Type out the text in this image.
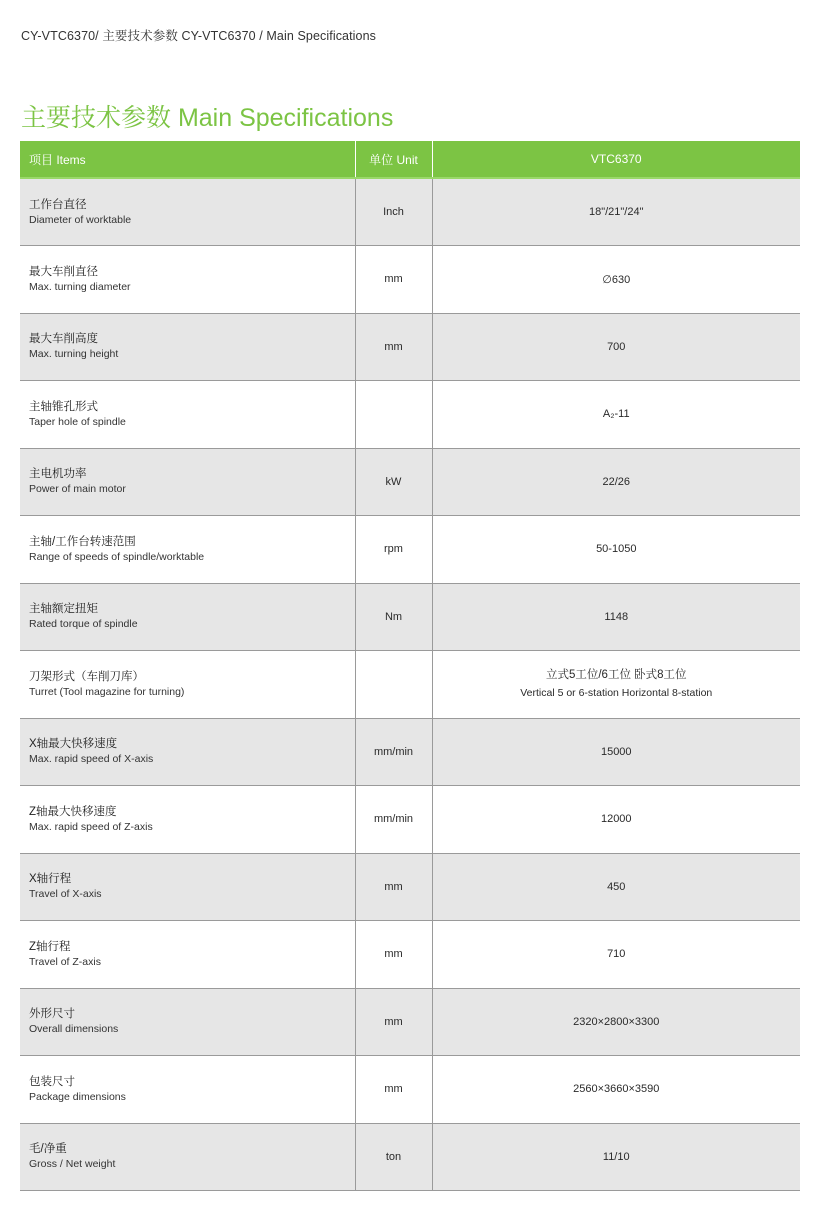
CY-VTC6370/ 主要技术参数 CY-VTC6370 / Main Specifications
主要技术参数 Main Specifications
项目 Items	单位 Unit	VTC6370

工作台直径
Diameter of worktable	Inch	18"/21"/24"

最大车削直径
Max. turning diameter	mm	∅630

最大车削高度
Max. turning height	mm	700

主轴锥孔形式
Taper hole of spindle		A₂-11

主电机功率
Power of main motor	kW	22/26

主轴/工作台转速范围
Range of speeds of spindle/worktable	rpm	50-1050

主轴额定扭矩
Rated torque of spindle	Nm	1148

刀架形式（车削刀库）
Turret (Tool magazine for turning)		立式5工位/6工位 卧式8工位
Vertical 5 or 6-station Horizontal 8-station

X轴最大快移速度
Max. rapid speed of X-axis	mm/min	15000

Z轴最大快移速度
Max. rapid speed of Z-axis	mm/min	12000

X轴行程
Travel of X-axis	mm	450

Z轴行程
Travel of Z-axis	mm	710

外形尺寸
Overall dimensions	mm	2320×2800×3300

包装尺寸
Package dimensions	mm	2560×3660×3590

毛/净重
Gross / Net weight	ton	11/10
